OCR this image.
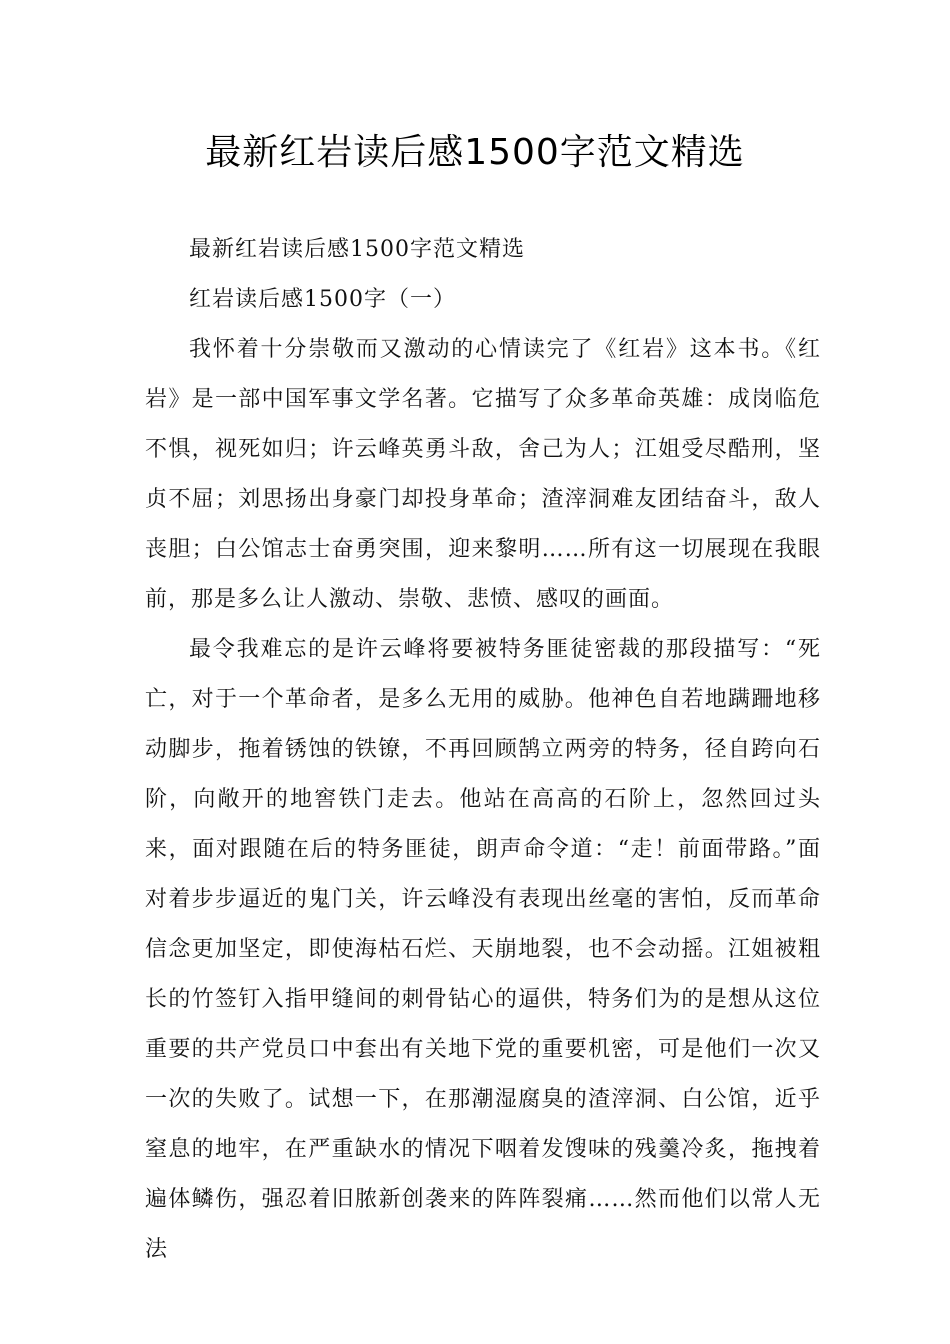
最新红岩读后感1500字范文精选

最新红岩读后感1500字范文精选

红岩读后感1500字（一）

我怀着十分崇敬而又激动的心情读完了《红岩》这本书。《红岩》是一部中国军事文学名著。它描写了众多革命英雄：成岗临危不惧，视死如归；许云峰英勇斗敌，舍己为人；江姐受尽酷刑，坚贞不屈；刘思扬出身豪门却投身革命；渣滓洞难友团结奋斗，敌人丧胆；白公馆志士奋勇突围，迎来黎明……所有这一切展现在我眼前，那是多么让人激动、崇敬、悲愤、感叹的画面。

最令我难忘的是许云峰将要被特务匪徒密裁的那段描写：“死亡，对于一个革命者，是多么无用的威胁。他神色自若地蹒跚地移动脚步，拖着锈蚀的铁镣，不再回顾鹄立两旁的特务，径自跨向石阶，向敞开的地窖铁门走去。他站在高高的石阶上，忽然回过头来，面对跟随在后的特务匪徒，朗声命令道：“走！前面带路。”面对着步步逼近的鬼门关，许云峰没有表现出丝毫的害怕，反而革命信念更加坚定，即使海枯石烂、天崩地裂，也不会动摇。江姐被粗长的竹签钉入指甲缝间的刺骨钻心的逼供，特务们为的是想从这位重要的共产党员口中套出有关地下党的重要机密，可是他们一次又一次的失败了。试想一下，在那潮湿腐臭的渣滓洞、白公馆，近乎窒息的地牢，在严重缺水的情况下咽着发馊味的残羹冷炙，拖拽着遍体鳞伤，强忍着旧脓新创袭来的阵阵裂痛……然而他们以常人无法
